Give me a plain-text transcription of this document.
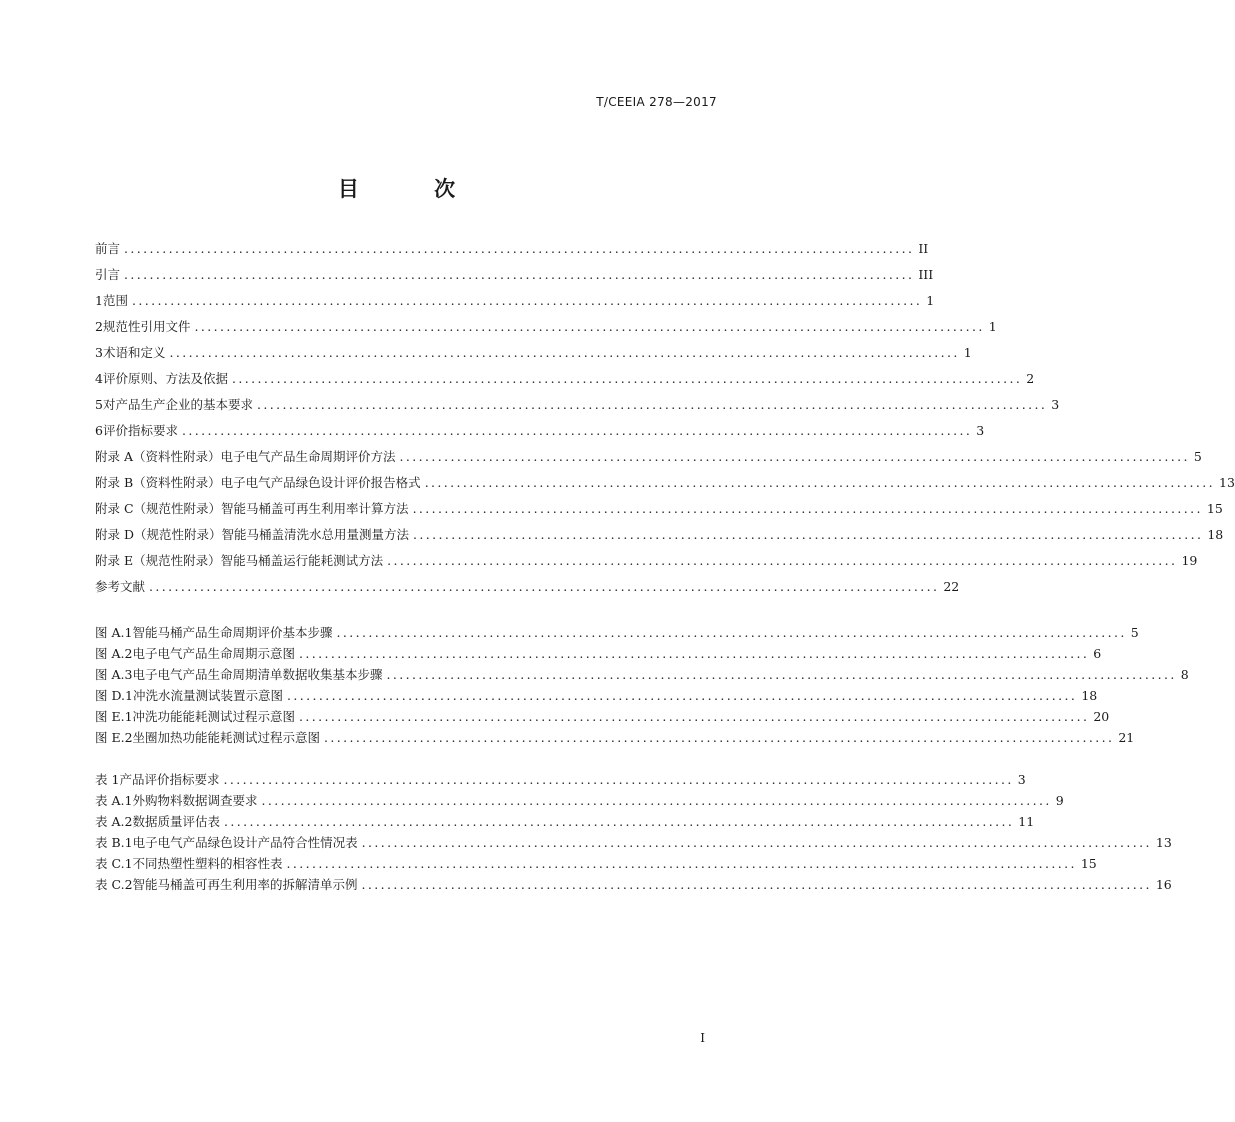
T/CEEIA 278—2017
目 次
前言 ............................................................................................................................ II
引言 ............................................................................................................................ III
1 范围 ............................................................................................................................ 1
2 规范性引用文件 ............................................................................................................................ 1
3 术语和定义 ............................................................................................................................ 1
4 评价原则、方法及依据 ............................................................................................................................ 2
5 对产品生产企业的基本要求 ............................................................................................................................ 3
6 评价指标要求 ............................................................................................................................ 3
附录 A（资料性附录） 电子电气产品生命周期评价方法 ............................................................................................................................ 5
附录 B（资料性附录） 电子电气产品绿色设计评价报告格式 ............................................................................................................................ 13
附录 C（规范性附录） 智能马桶盖可再生利用率计算方法 ............................................................................................................................ 15
附录 D（规范性附录） 智能马桶盖清洗水总用量测量方法 ............................................................................................................................ 18
附录 E（规范性附录） 智能马桶盖运行能耗测试方法 ............................................................................................................................ 19
参考文献 ............................................................................................................................ 22
图 A.1 智能马桶产品生命周期评价基本步骤 ............................................................................................................................ 5
图 A.2 电子电气产品生命周期示意图 ............................................................................................................................ 6
图 A.3 电子电气产品生命周期清单数据收集基本步骤 ............................................................................................................................ 8
图 D.1 冲洗水流量测试装置示意图 ............................................................................................................................ 18
图 E.1 冲洗功能能耗测试过程示意图 ............................................................................................................................ 20
图 E.2 坐圈加热功能能耗测试过程示意图 ............................................................................................................................ 21
表 1 产品评价指标要求 ............................................................................................................................ 3
表 A.1 外购物料数据调查要求 ............................................................................................................................ 9
表 A.2 数据质量评估表 ............................................................................................................................ 11
表 B.1 电子电气产品绿色设计产品符合性情况表 ............................................................................................................................ 13
表 C.1 不同热塑性塑料的相容性表 ............................................................................................................................ 15
表 C.2 智能马桶盖可再生利用率的拆解清单示例 ............................................................................................................................ 16
I
